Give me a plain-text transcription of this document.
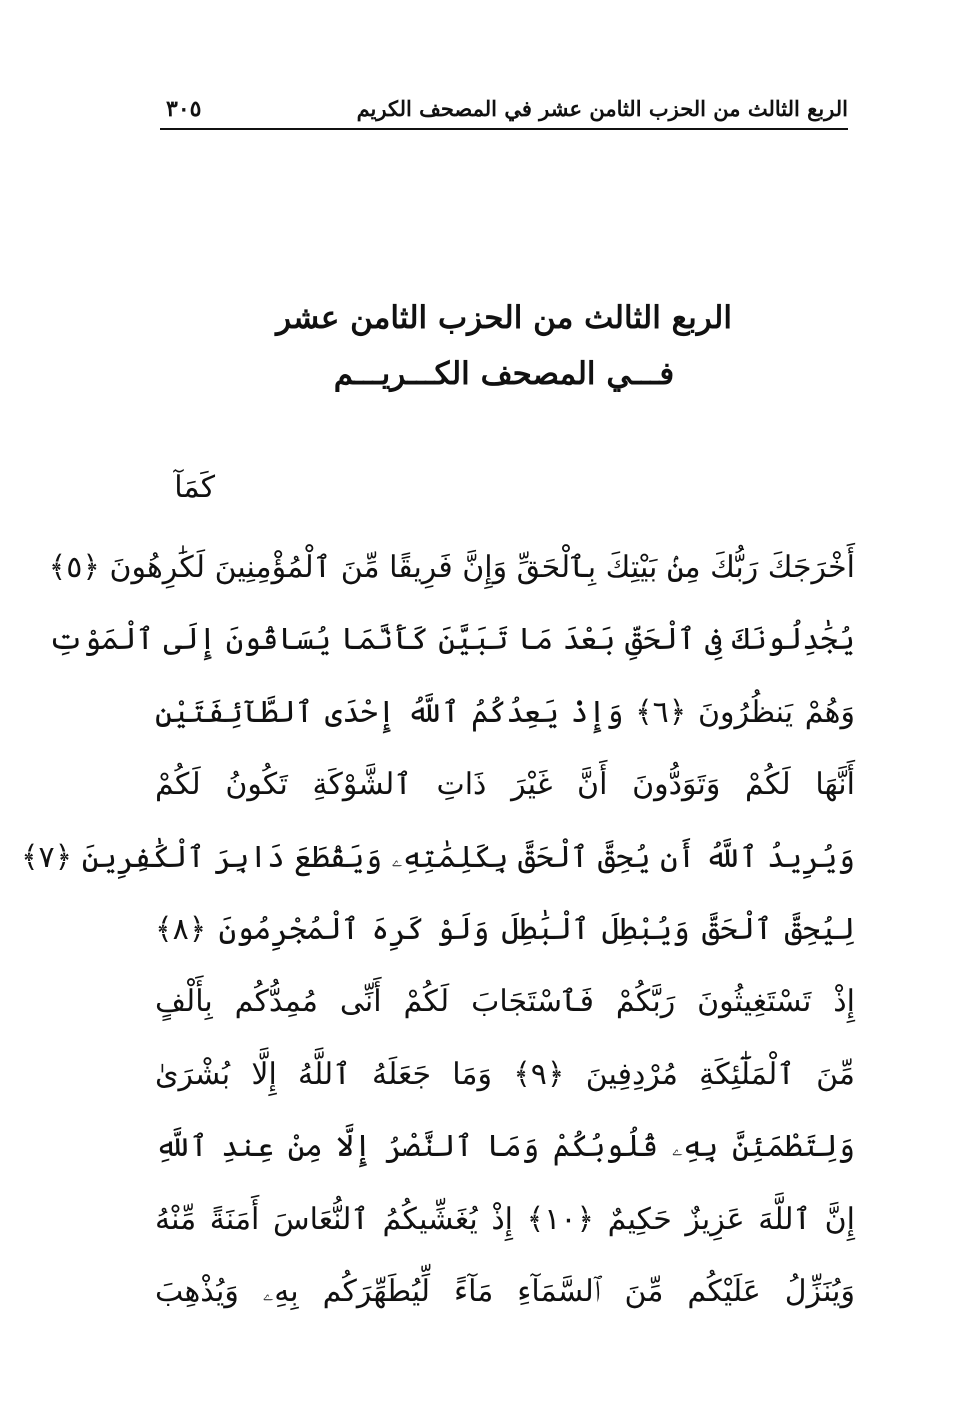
الربع الثالث من الحزب الثامن عشر في المصحف الكريم
٣٠٥
الربع الثالث من الحزب الثامن عشر
فـــي المصحف الكـــريـــم
كَمَآ
أَخْرَجَكَ رَبُّكَ مِنۢ بَيْتِكَ بِٱلْحَقِّ وَإِنَّ فَرِيقًا مِّنَ ٱلْمُؤْمِنِينَ لَكَٰرِهُونَ ﴿٥﴾
يُجَٰدِلُونَكَ فِى ٱلْحَقِّ بَعْدَ مَا تَبَيَّنَ كَأَنَّمَا يُسَاقُونَ إِلَى ٱلْمَوْتِ
وَهُمْ يَنظُرُونَ ﴿٦﴾ وَإِذْ يَعِدُكُمُ ٱللَّهُ إِحْدَى ٱلطَّآئِفَتَيْنِ
أَنَّهَا لَكُمْ وَتَوَدُّونَ أَنَّ غَيْرَ ذَاتِ ٱلشَّوْكَةِ تَكُونُ لَكُمْ
وَيُرِيدُ ٱللَّهُ أَن يُحِقَّ ٱلْحَقَّ بِكَلِمَٰتِهِۦ وَيَقْطَعَ دَابِرَ ٱلْكَٰفِرِينَ ﴿٧﴾
لِيُحِقَّ ٱلْحَقَّ وَيُبْطِلَ ٱلْبَٰطِلَ وَلَوْ كَرِهَ ٱلْمُجْرِمُونَ ﴿٨﴾
إِذْ تَسْتَغِيثُونَ رَبَّكُمْ فَٱسْتَجَابَ لَكُمْ أَنِّى مُمِدُّكُم بِأَلْفٍ
مِّنَ ٱلْمَلَٰٓئِكَةِ مُرْدِفِينَ ﴿٩﴾ وَمَا جَعَلَهُ ٱللَّهُ إِلَّا بُشْرَىٰ
وَلِتَطْمَئِنَّ بِهِۦ قُلُوبُكُمْ وَمَا ٱلنَّصْرُ إِلَّا مِنْ عِندِ ٱللَّهِ
إِنَّ ٱللَّهَ عَزِيزٌ حَكِيمٌ ﴿١٠﴾ إِذْ يُغَشِّيكُمُ ٱلنُّعَاسَ أَمَنَةً مِّنْهُ
وَيُنَزِّلُ عَلَيْكُم مِّنَ ٱلسَّمَآءِ مَآءً لِّيُطَهِّرَكُم بِهِۦ وَيُذْهِبَ
